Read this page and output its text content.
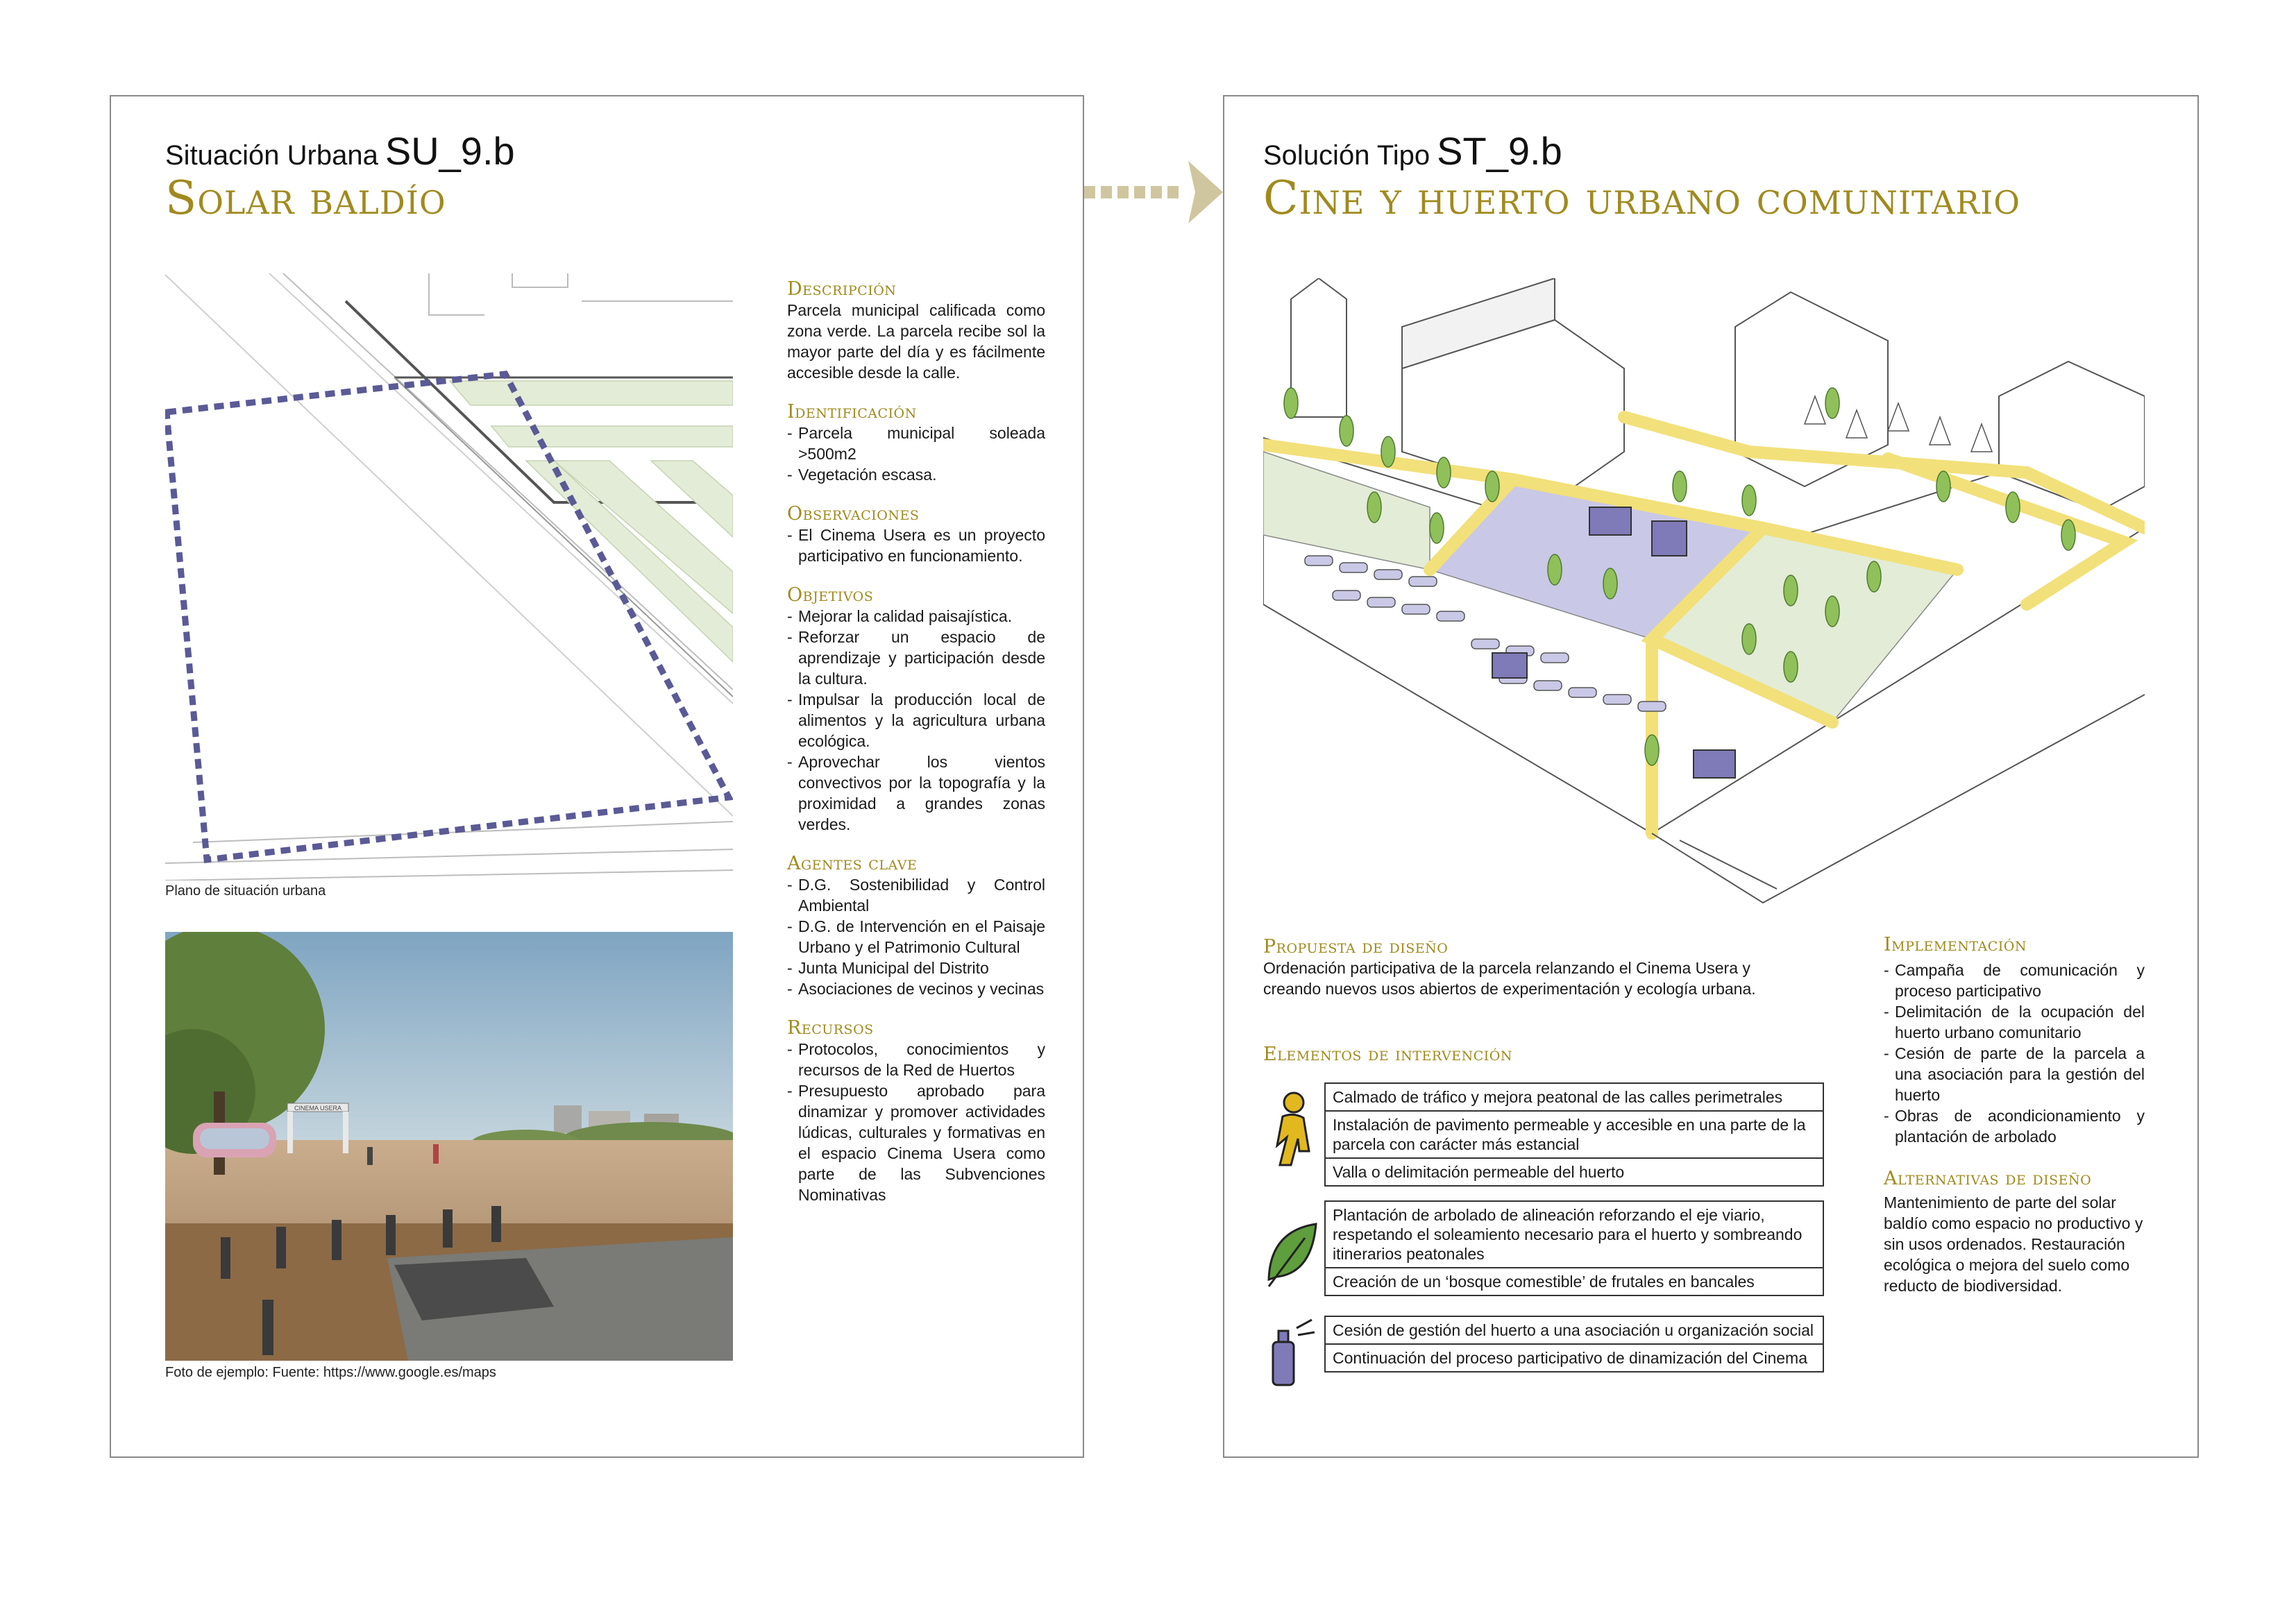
Situación Urbana SU_9.b
Solar baldío
Plano de situación urbana
CINEMA USERA
Foto de ejemplo: Fuente: https://www.google.es/maps
Descripción
Parcela municipal calificada como zona verde. La parcela recibe sol la mayor parte del día y es fácilmente accesible desde la calle.
Identificación
- Parcela municipal soleada >500m2
- Vegetación escasa.
Observaciones
- El Cinema Usera es un proyecto participativo en funcionamiento.
Objetivos
- Mejorar la calidad paisajística.
- Reforzar un espacio de aprendizaje y participación desde la cultura.
- Impulsar la producción local de alimentos y la agricultura urbana ecológica.
- Aprovechar los vientos convectivos por la topografía y la proximidad a grandes zonas verdes.
Agentes clave
- D.G. Sostenibilidad y Control Ambiental
- D.G. de Intervención en el Paisaje Urbano y el Patrimonio Cultural
- Junta Municipal del Distrito
- Asociaciones de vecinos y vecinas
Recursos
- Protocolos, conocimientos y recursos de la Red de Huertos
- Presupuesto aprobado para dinamizar y promover actividades lúdicas, culturales y formativas en el espacio Cinema Usera como parte de las Subvenciones Nominativas
Solución Tipo ST_9.b
Cine y huerto urbano comunitario
Propuesta de diseño
Ordenación participativa de la parcela relanzando el Cinema Usera y creando nuevos usos abiertos de experimentación y ecología urbana.
Elementos de intervención
Calmado de tráfico y mejora peatonal de las calles perimetrales
Instalación de pavimento permeable y accesible en una parte de la parcela con carácter más estancial
Valla o delimitación permeable del huerto
Plantación de arbolado de alineación reforzando el eje viario, respetando el soleamiento necesario para el huerto y sombreando itinerarios peatonales
Creación de un ‘bosque comestible’ de frutales en bancales
Cesión de gestión del huerto a una asociación u organización social
Continuación del proceso participativo de dinamización del Cinema
Implementación
- Campaña de comunicación y proceso participativo
- Delimitación de la ocupación del huerto urbano comunitario
- Cesión de parte de la parcela a una asociación para la gestión del huerto
- Obras de acondicionamiento y plantación de arbolado
Alternativas de diseño
Mantenimiento de parte del solar baldío como espacio no productivo y sin usos ordenados. Restauración ecológica o mejora del suelo como reducto de biodiversidad.
